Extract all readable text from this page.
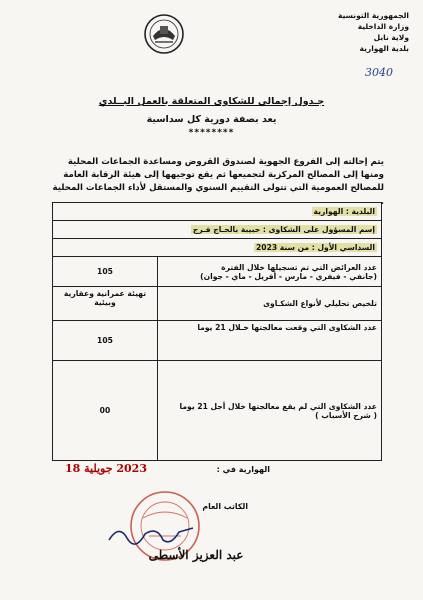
الجمهورية التونسية
وزارة الداخلية
ولاية نابل
بلدية الهوارية
3040
جـدول إجمالي للشكاوى المتعلقة بالعمل البــلدي
يعد بصفة دورية كل سداسية
********
يتم إحالته إلى الفروع الجهوية لصندوق القروض ومساعدة الجماعات المحلية ومنها إلى المصالح المركزية لتجميعها ثم يقع توجيهها إلى هيئة الرقابة العامة للمصالح العمومية التي تتولى التقييم السنوي والمستقل لأداء الجماعات المحلية .
البلدية : الهوارية	
إسم المسؤول على الشكاوى : حبيبة بالحـاج فـرج	
السداسي الأول : من سنة 2023	

عدد العرائض التي تم تسجيلها خلال الفترة
(جانفي - فيفري - مارس - أفريل - ماي - جوان)	105
تلخيص تحليلي لأنواع الشكـاوى	تهيئة عمرانية وعقارية وبيئية
عدد الشكاوى التي وقعت معالجتها خـلال 21 يوما	105

عدد الشكاوى التي لم يقع معالجتها خلال أجل 21 يوما
( شرح الأسباب )	00
2023 جويلية 18	الهوارية في :
الكاتب العام
عبد العزيز الأسطى
